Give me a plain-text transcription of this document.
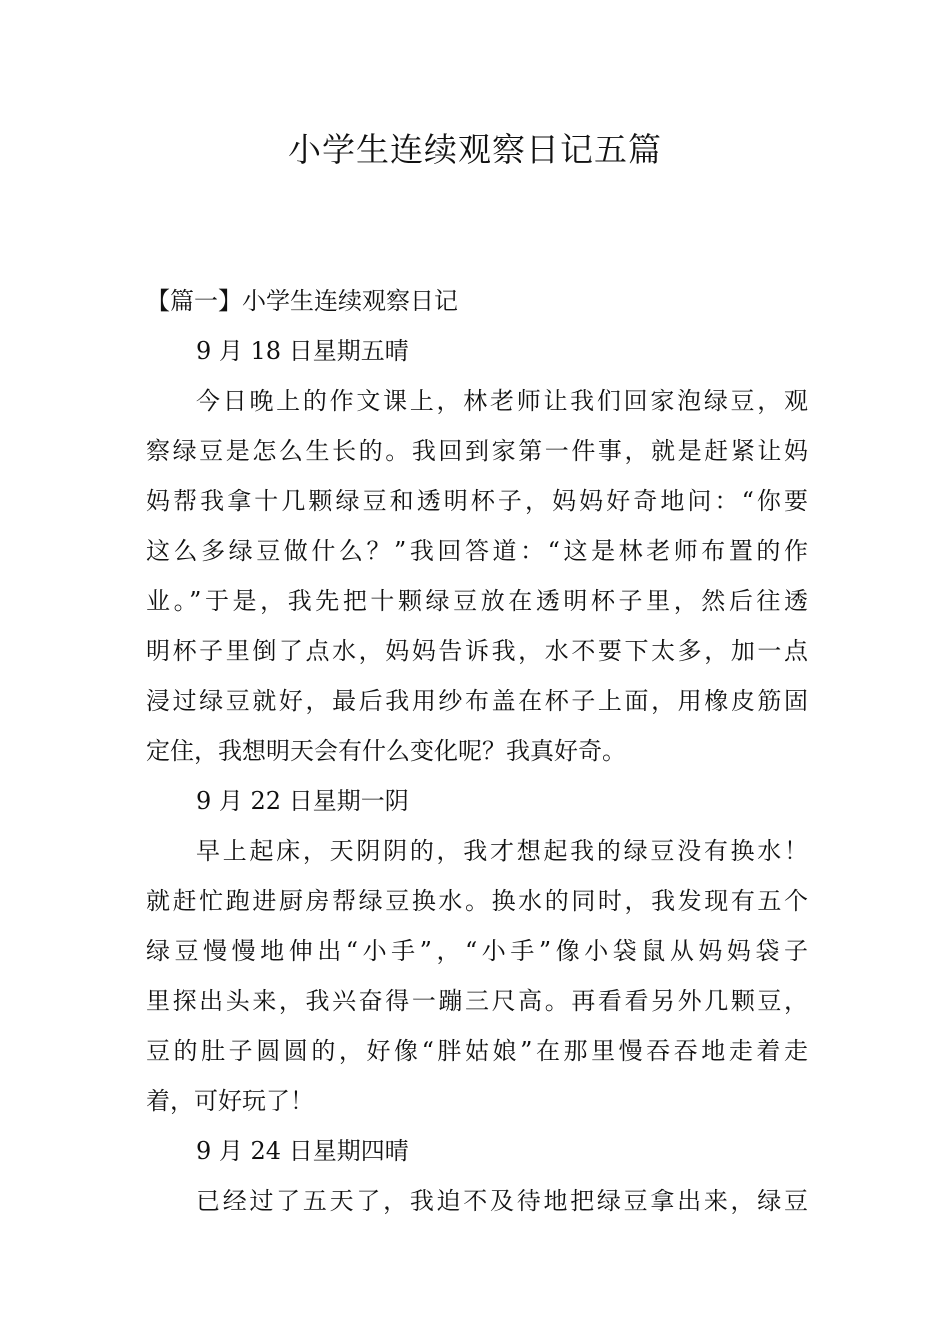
小学生连续观察日记五篇
【篇一】小学生连续观察日记
9 月 18 日星期五晴
今日晚上的作文课上，林老师让我们回家泡绿豆，观
察绿豆是怎么生长的。我回到家第一件事，就是赶紧让妈
妈帮我拿十几颗绿豆和透明杯子，妈妈好奇地问：“你要
这么多绿豆做什么？”我回答道：“这是林老师布置的作
业。”于是，我先把十颗绿豆放在透明杯子里，然后往透
明杯子里倒了点水，妈妈告诉我，水不要下太多，加一点
浸过绿豆就好，最后我用纱布盖在杯子上面，用橡皮筋固
定住，我想明天会有什么变化呢？我真好奇。
9 月 22 日星期一阴
早上起床，天阴阴的，我才想起我的绿豆没有换水！
就赶忙跑进厨房帮绿豆换水。换水的同时，我发现有五个
绿豆慢慢地伸出“小手”，“小手”像小袋鼠从妈妈袋子
里探出头来，我兴奋得一蹦三尺高。再看看另外几颗豆，
豆的肚子圆圆的，好像“胖姑娘”在那里慢吞吞地走着走
着，可好玩了！
9 月 24 日星期四晴
已经过了五天了，我迫不及待地把绿豆拿出来，绿豆
